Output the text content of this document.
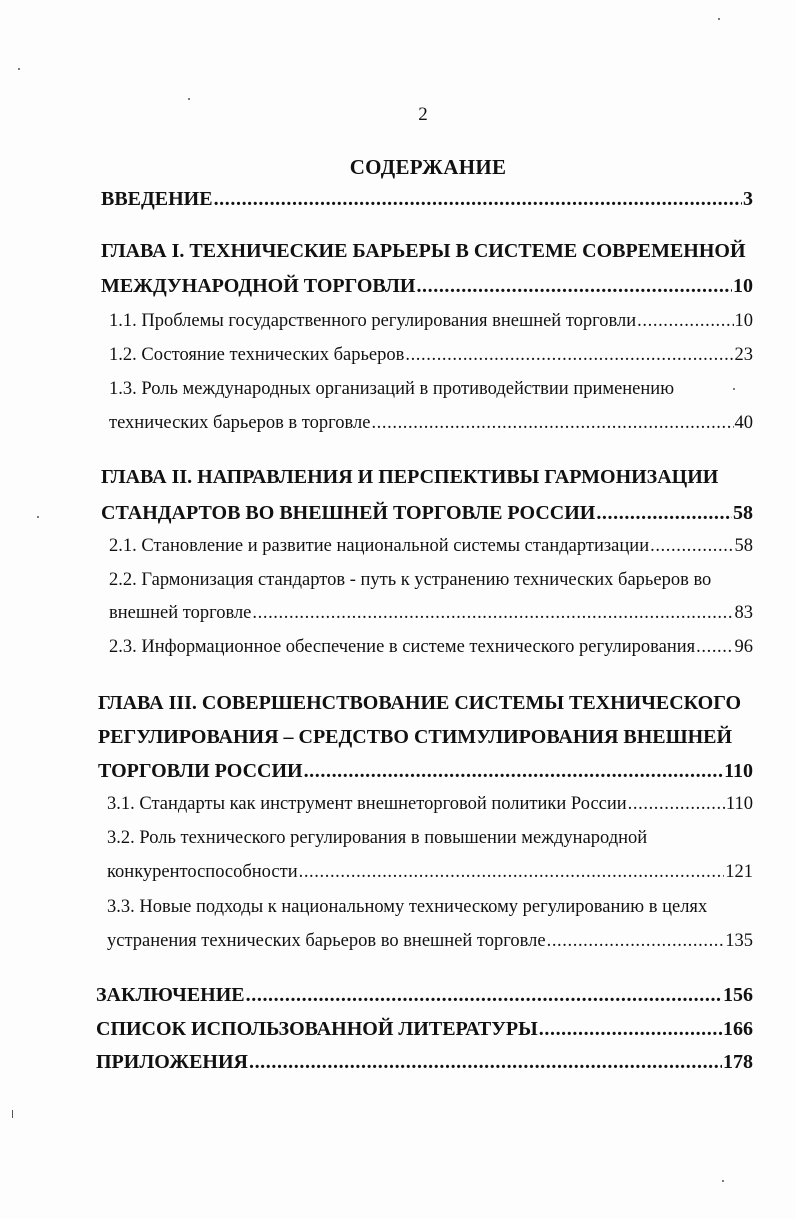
2
СОДЕРЖАНИЕ
ВВЕДЕНИЕ .....	3
ГЛАВА I. ТЕХНИЧЕСКИЕ БАРЬЕРЫ В СИСТЕМЕ СОВРЕМЕННОЙ
МЕЖДУНАРОДНОЙ ТОРГОВЛИ .....	10
1.1. Проблемы государственного регулирования внешней торговли .....	10
1.2. Состояние технических барьеров .....	23
1.3. Роль международных организаций в противодействии применению
технических барьеров в торговле .....	40
ГЛАВА II. НАПРАВЛЕНИЯ И ПЕРСПЕКТИВЫ ГАРМОНИЗАЦИИ
СТАНДАРТОВ ВО ВНЕШНЕЙ ТОРГОВЛЕ РОССИИ .....	58
2.1. Становление и развитие национальной системы стандартизации .....	58
2.2. Гармонизация стандартов - путь к устранению технических барьеров во
внешней торговле .....	83
2.3. Информационное обеспечение в системе технического регулирования ..... 96
ГЛАВА III. СОВЕРШЕНСТВОВАНИЕ СИСТЕМЫ ТЕХНИЧЕСКОГО
РЕГУЛИРОВАНИЯ – СРЕДСТВО СТИМУЛИРОВАНИЯ ВНЕШНЕЙ
ТОРГОВЛИ РОССИИ .....	110
3.1. Стандарты как инструмент внешнеторговой политики России .....	110
3.2. Роль технического регулирования в повышении международной
конкурентоспособности .....	121
3.3. Новые подходы к национальному техническому регулированию в целях
устранения технических барьеров во внешней торговле .....	135
ЗАКЛЮЧЕНИЕ .....	156
СПИСОК ИСПОЛЬЗОВАННОЙ ЛИТЕРАТУРЫ .....	166
ПРИЛОЖЕНИЯ .....	178
